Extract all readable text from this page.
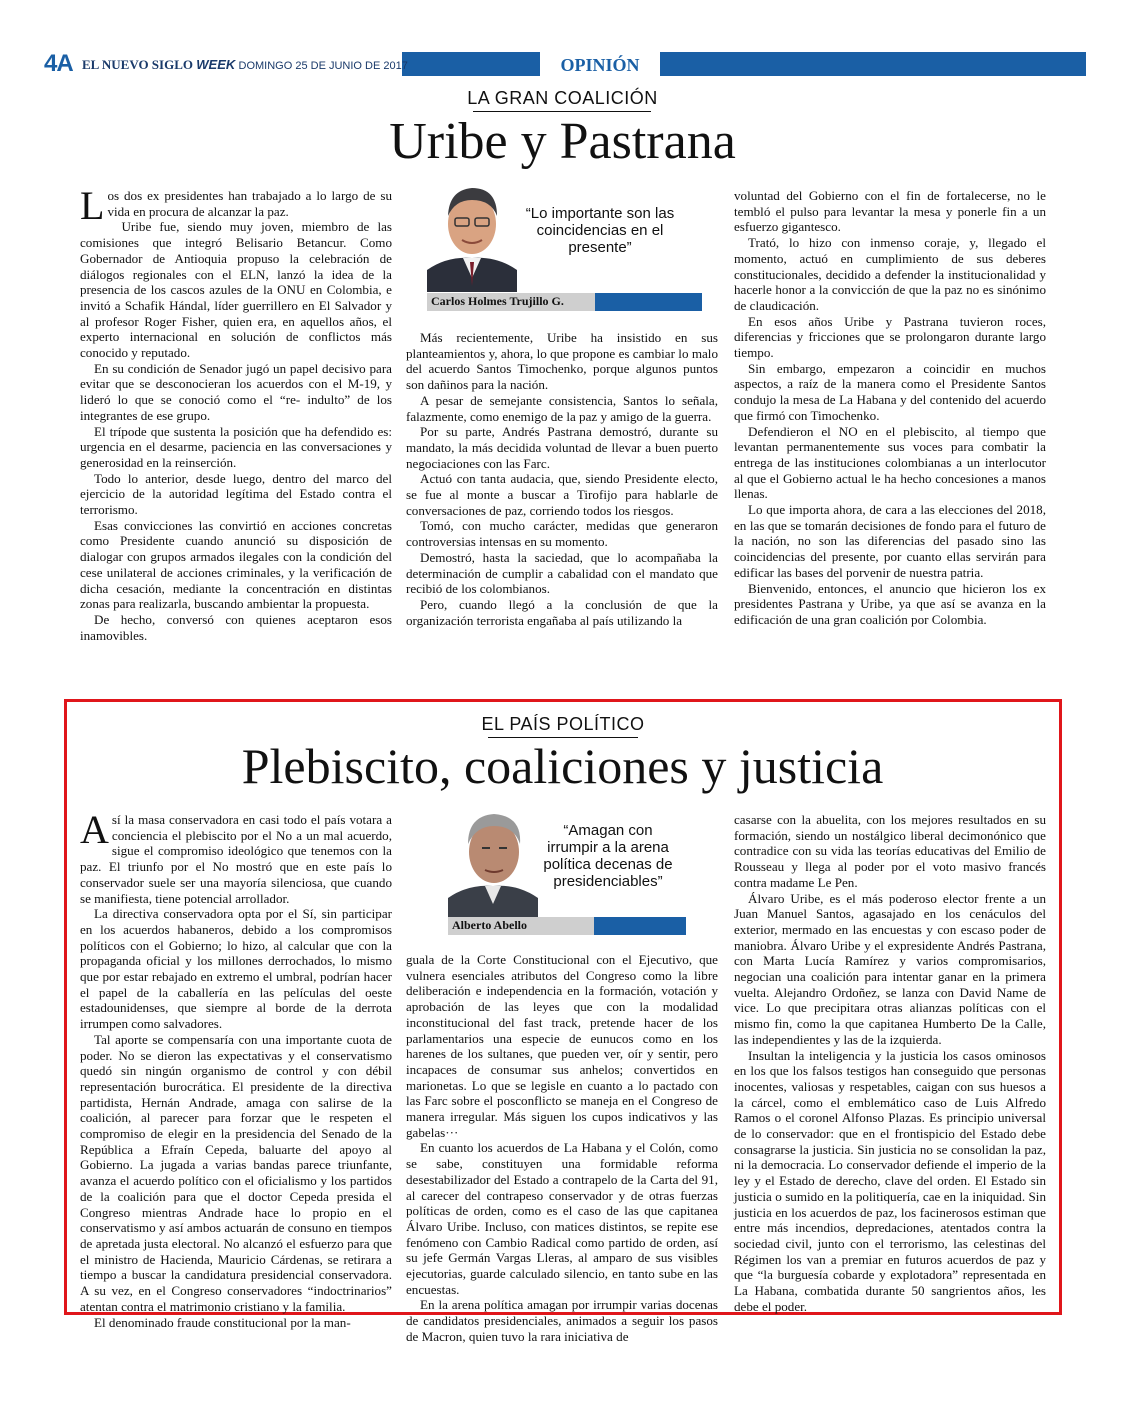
4A EL NUEVO SIGLO WEEK DOMINGO 25 DE JUNIO DE 2017	OPINIÓN
LA GRAN COALICIÓN
Uribe y Pastrana

Los dos ex presidentes han trabajado a lo largo de su vida en procura de alcanzar la paz.

Uribe fue, siendo muy joven, miembro de las comisiones que integró Belisario Betancur. Como Gobernador de Antioquia propuso la celebración de diálogos regionales con el ELN, lanzó la idea de la presencia de los cascos azules de la ONU en Colombia, e invitó a Schafik Hándal, líder guerrillero en El Salvador y al profesor Roger Fisher, quien era, en aquellos años, el experto internacional en solución de conflictos más conocido y reputado.

En su condición de Senador jugó un papel decisivo para evitar que se desconocieran los acuerdos con el M-19, y lideró lo que se conoció como el “re- indulto” de los integrantes de ese grupo.

El trípode que sustenta la posición que ha defendido es: urgencia en el desarme, paciencia en las conversaciones y generosidad en la reinserción.

Todo lo anterior, desde luego, dentro del marco del ejercicio de la autoridad legítima del Estado contra el terrorismo.

Esas convicciones las convirtió en acciones concretas como Presidente cuando anunció su disposición de dialogar con grupos armados ilegales con la condición del cese unilateral de acciones criminales, y la verificación de dicha cesación, mediante la concentración en distintas zonas para realizarla, buscando ambientar la propuesta.

De hecho, conversó con quienes aceptaron esos inamovibles.

“Lo importante son las coincidencias en el presente”
Carlos Holmes Trujillo G.

Más recientemente, Uribe ha insistido en sus planteamientos y, ahora, lo que propone es cambiar lo malo del acuerdo Santos Timochenko, porque algunos puntos son dañinos para la nación.

A pesar de semejante consistencia, Santos lo señala, falazmente, como enemigo de la paz y amigo de la guerra.

Por su parte, Andrés Pastrana demostró, durante su mandato, la más decidida voluntad de llevar a buen puerto negociaciones con las Farc.

Actuó con tanta audacia, que, siendo Presidente electo, se fue al monte a buscar a Tirofijo para hablarle de conversaciones de paz, corriendo todos los riesgos.

Tomó, con mucho carácter, medidas que generaron controversias intensas en su momento.

Demostró, hasta la saciedad, que lo acompañaba la determinación de cumplir a cabalidad con el mandato que recibió de los colombianos.

Pero, cuando llegó a la conclusión de que la organización terrorista engañaba al país utilizando la

voluntad del Gobierno con el fin de fortalecerse, no le tembló el pulso para levantar la mesa y ponerle fin a un esfuerzo gigantesco.

Trató, lo hizo con inmenso coraje, y, llegado el momento, actuó en cumplimiento de sus deberes constitucionales, decidido a defender la institucionalidad y hacerle honor a la convicción de que la paz no es sinónimo de claudicación.

En esos años Uribe y Pastrana tuvieron roces, diferencias y fricciones que se prolongaron durante largo tiempo.

Sin embargo, empezaron a coincidir en muchos aspectos, a raíz de la manera como el Presidente Santos condujo la mesa de La Habana y del contenido del acuerdo que firmó con Timochenko.

Defendieron el NO en el plebiscito, al tiempo que levantan permanentemente sus voces para combatir la entrega de las instituciones colombianas a un interlocutor al que el Gobierno actual le ha hecho concesiones a manos llenas.

Lo que importa ahora, de cara a las elecciones del 2018, en las que se tomarán decisiones de fondo para el futuro de la nación, no son las diferencias del pasado sino las coincidencias del presente, por cuanto ellas servirán para edificar las bases del porvenir de nuestra patria.

Bienvenido, entonces, el anuncio que hicieron los ex presidentes Pastrana y Uribe, ya que así se avanza en la edificación de una gran coalición por Colombia.

EL PAÍS POLÍTICO
Plebiscito, coaliciones y justicia

Así la masa conservadora en casi todo el país votara a conciencia el plebiscito por el No a un mal acuerdo, sigue el compromiso ideológico que tenemos con la paz. El triunfo por el No mostró que en este país lo conservador suele ser una mayoría silenciosa, que cuando se manifiesta, tiene potencial arrollador.

La directiva conservadora opta por el Sí, sin participar en los acuerdos habaneros, debido a los compromisos políticos con el Gobierno; lo hizo, al calcular que con la propaganda oficial y los millones derrochados, lo mismo que por estar rebajado en extremo el umbral, podrían hacer el papel de la caballería en las películas del oeste estadounidenses, que siempre al borde de la derrota irrumpen como salvadores.

Tal aporte se compensaría con una importante cuota de poder. No se dieron las expectativas y el conservatismo quedó sin ningún organismo de control y con débil representación burocrática. El presidente de la directiva partidista, Hernán Andrade, amaga con salirse de la coalición, al parecer para forzar que le respeten el compromiso de elegir en la presidencia del Senado de la República a Efraín Cepeda, baluarte del apoyo al Gobierno. La jugada a varias bandas parece triunfante, avanza el acuerdo político con el oficialismo y los partidos de la coalición para que el doctor Cepeda presida el Congreso mientras Andrade hace lo propio en el conservatismo y así ambos actuarán de consuno en tiempos de apretada justa electoral. No alcanzó el esfuerzo para que el ministro de Hacienda, Mauricio Cárdenas, se retirara a tiempo a buscar la candidatura presidencial conservadora. A su vez, en el Congreso conservadores “indoctrinarios” atentan contra el matrimonio cristiano y la familia.

El denominado fraude constitucional por la man-

“Amagan con irrumpir a la arena política decenas de presidenciables”
Alberto Abello

guala de la Corte Constitucional con el Ejecutivo, que vulnera esenciales atributos del Congreso como la libre deliberación e independencia en la formación, votación y aprobación de las leyes que con la modalidad inconstitucional del fast track, pretende hacer de los parlamentarios una especie de eunucos como en los harenes de los sultanes, que pueden ver, oír y sentir, pero incapaces de consumar sus anhelos; convertidos en marionetas. Lo que se legisle en cuanto a lo pactado con las Farc sobre el posconflicto se maneja en el Congreso de manera irregular. Más siguen los cupos indicativos y las gabelas···

En cuanto los acuerdos de La Habana y el Colón, como se sabe, constituyen una formidable reforma desestabilizador del Estado a contrapelo de la Carta del 91, al carecer del contrapeso conservador y de otras fuerzas políticas de orden, como es el caso de las que capitanea Álvaro Uribe. Incluso, con matices distintos, se repite ese fenómeno con Cambio Radical como partido de orden, así su jefe Germán Vargas Lleras, al amparo de sus visibles ejecutorias, guarde calculado silencio, en tanto sube en las encuestas.

En la arena política amagan por irrumpir varias docenas de candidatos presidenciales, animados a seguir los pasos de Macron, quien tuvo la rara iniciativa de

casarse con la abuelita, con los mejores resultados en su formación, siendo un nostálgico liberal decimonónico que contradice con su vida las teorías educativas del Emilio de Rousseau y llega al poder por el voto masivo francés contra madame Le Pen.

Álvaro Uribe, es el más poderoso elector frente a un Juan Manuel Santos, agasajado en los cenáculos del exterior, mermado en las encuestas y con escaso poder de maniobra. Álvaro Uribe y el expresidente Andrés Pastrana, con Marta Lucía Ramírez y varios compromisarios, negocian una coalición para intentar ganar en la primera vuelta. Alejandro Ordoñez, se lanza con David Name de vice. Lo que precipitara otras alianzas políticas con el mismo fin, como la que capitanea Humberto De la Calle, las independientes y las de la izquierda.

Insultan la inteligencia y la justicia los casos ominosos en los que los falsos testigos han conseguido que personas inocentes, valiosas y respetables, caigan con sus huesos a la cárcel, como el emblemático caso de Luis Alfredo Ramos o el coronel Alfonso Plazas. Es principio universal de lo conservador: que en el frontispicio del Estado debe consagrarse la justicia. Sin justicia no se consolidan la paz, ni la democracia. Lo conservador defiende el imperio de la ley y el Estado de derecho, clave del orden. El Estado sin justicia o sumido en la politiquería, cae en la iniquidad. Sin justicia en los acuerdos de paz, los facinerosos estiman que entre más incendios, depredaciones, atentados contra la sociedad civil, junto con el terrorismo, las celestinas del Régimen los van a premiar en futuros acuerdos de paz y que “la burguesía cobarde y explotadora” representada en La Habana, combatida durante 50 sangrientos años, les debe el poder.
